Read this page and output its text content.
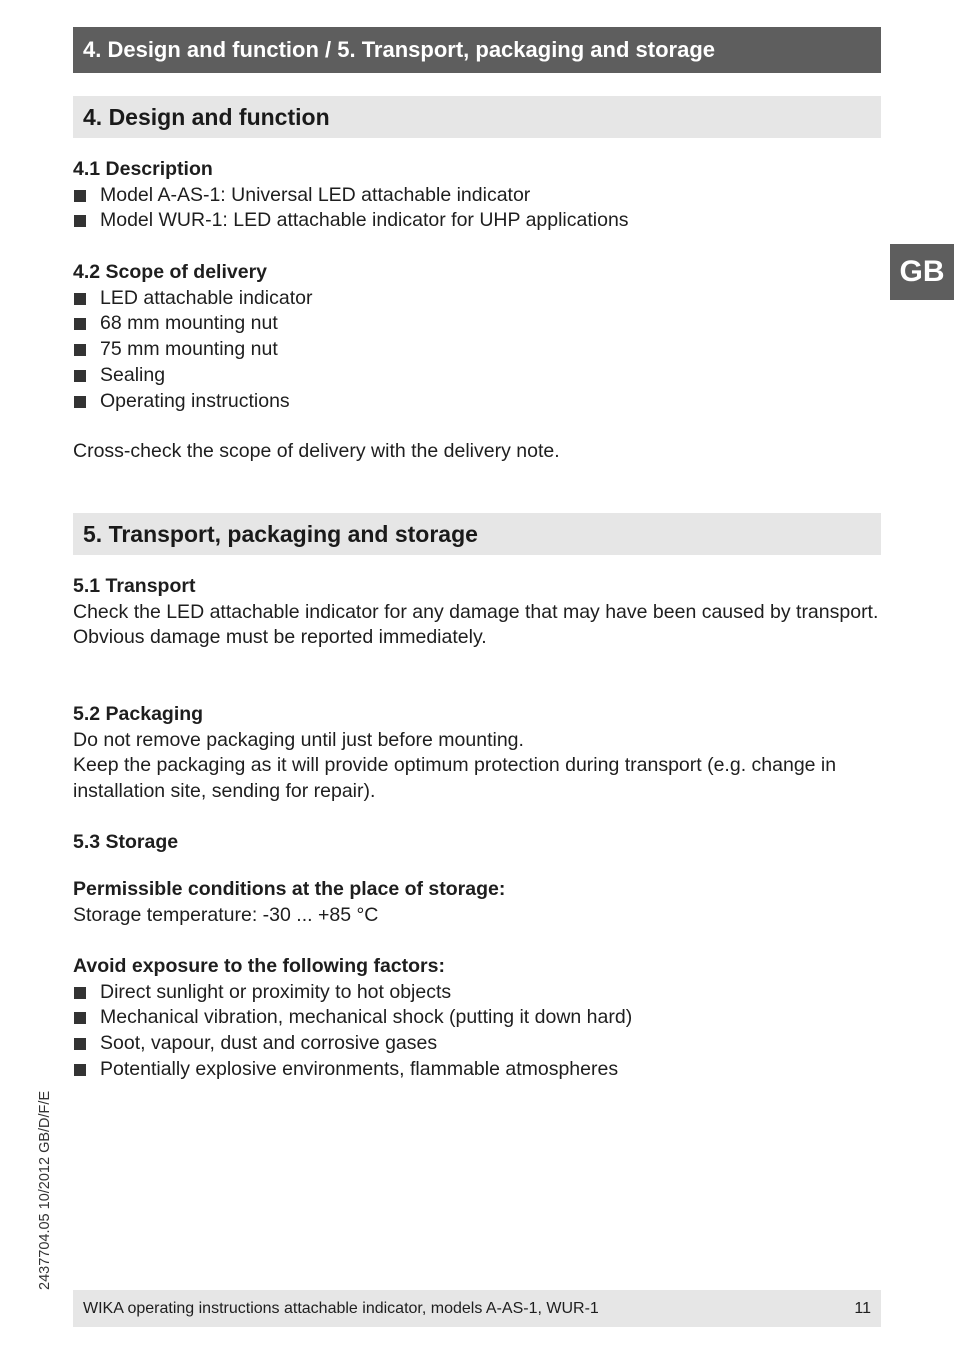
4. Design and function / 5. Transport, packaging and storage
GB
4. Design and function
4.1 Description
Model A-AS-1: Universal LED attachable indicator
Model WUR-1: LED attachable indicator for UHP applications
4.2 Scope of delivery
LED attachable indicator
68 mm mounting nut
75 mm mounting nut
Sealing
Operating instructions
Cross-check the scope of delivery with the delivery note.
5. Transport, packaging and storage
5.1 Transport

Check the LED attachable indicator for any damage that may have been caused by transport.

Obvious damage must be reported immediately.

5.2 Packaging

Do not remove packaging until just before mounting.

Keep the packaging as it will provide optimum protection during transport (e.g. change in installation site, sending for repair).

5.3 Storage
Permissible conditions at the place of storage:

Storage temperature: -30 ... +85 °C

Avoid exposure to the following factors:
Direct sunlight or proximity to hot objects
Mechanical vibration, mechanical shock (putting it down hard)
Soot, vapour, dust and corrosive gases
Potentially explosive environments, flammable atmospheres
2437704.05 10/2012 GB/D/F/E
WIKA operating instructions attachable indicator, models A-AS-1, WUR-1	11
